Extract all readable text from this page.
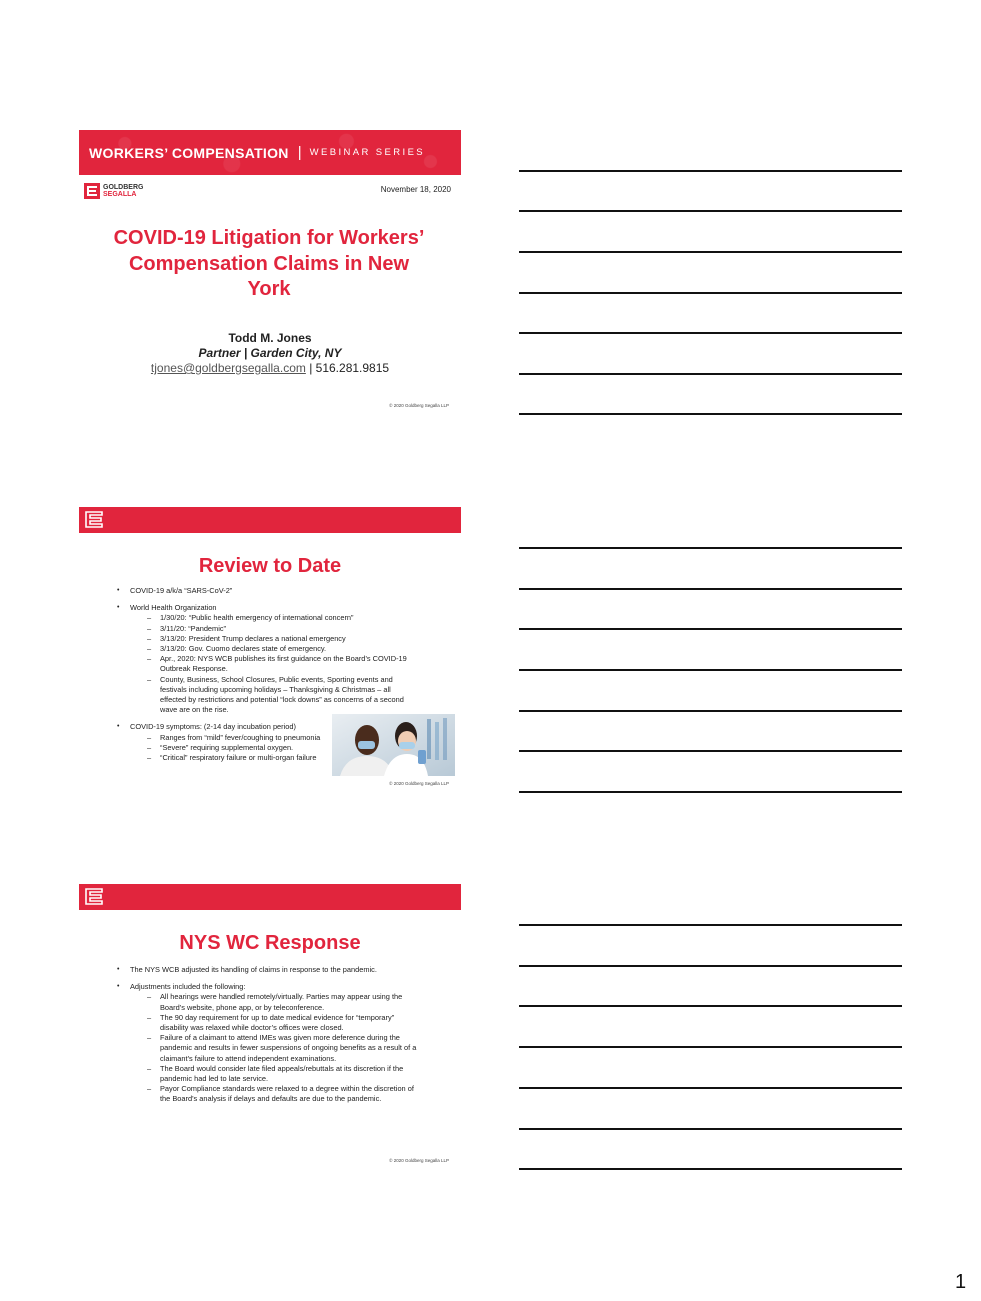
WORKERS’ COMPENSATION | WEBINAR SERIES
GOLDBERG
SEGALLA
November 18, 2020
COVID-19 Litigation for Workers’ Compensation Claims in New York
Todd M. Jones
Partner | Garden City, NY
tjones@goldbergsegalla.com | 516.281.9815
© 2020 Goldberg Segalla LLP
Review to Date
• COVID-19 a/k/a “SARS-CoV-2”
• World Health Organization
– 1/30/20: “Public health emergency of international concern”
– 3/11/20: “Pandemic”
– 3/13/20: President Trump declares a national emergency
– 3/13/20: Gov. Cuomo declares state of emergency.
– Apr., 2020: NYS WCB publishes its first guidance on the Board’s COVID-19 Outbreak Response.
– County, Business, School Closures, Public events, Sporting events and festivals including upcoming holidays – Thanksgiving & Christmas – all effected by restrictions and potential “lock downs” as concerns of a second wave are on the rise.
• COVID-19 symptoms: (2-14 day incubation period)
– Ranges from “mild” fever/coughing to pneumonia
– “Severe” requiring supplemental oxygen.
– “Critical” respiratory failure or multi-organ failure
© 2020 Goldberg Segalla LLP
NYS WC Response
• The NYS WCB adjusted its handling of claims in response to the pandemic.
• Adjustments included the following:
– All hearings were handled remotely/virtually. Parties may appear using the Board’s website, phone app, or by teleconference.
– The 90 day requirement for up to date medical evidence for “temporary” disability was relaxed while doctor’s offices were closed.
– Failure of a claimant to attend IMEs was given more deference during the pandemic and results in fewer suspensions of ongoing benefits as a result of a claimant’s failure to attend independent examinations.
– The Board would consider late filed appeals/rebuttals at its discretion if the pandemic had led to late service.
– Payor Compliance standards were relaxed to a degree within the discretion of the Board’s analysis if delays and defaults are due to the pandemic.
© 2020 Goldberg Segalla LLP
1
